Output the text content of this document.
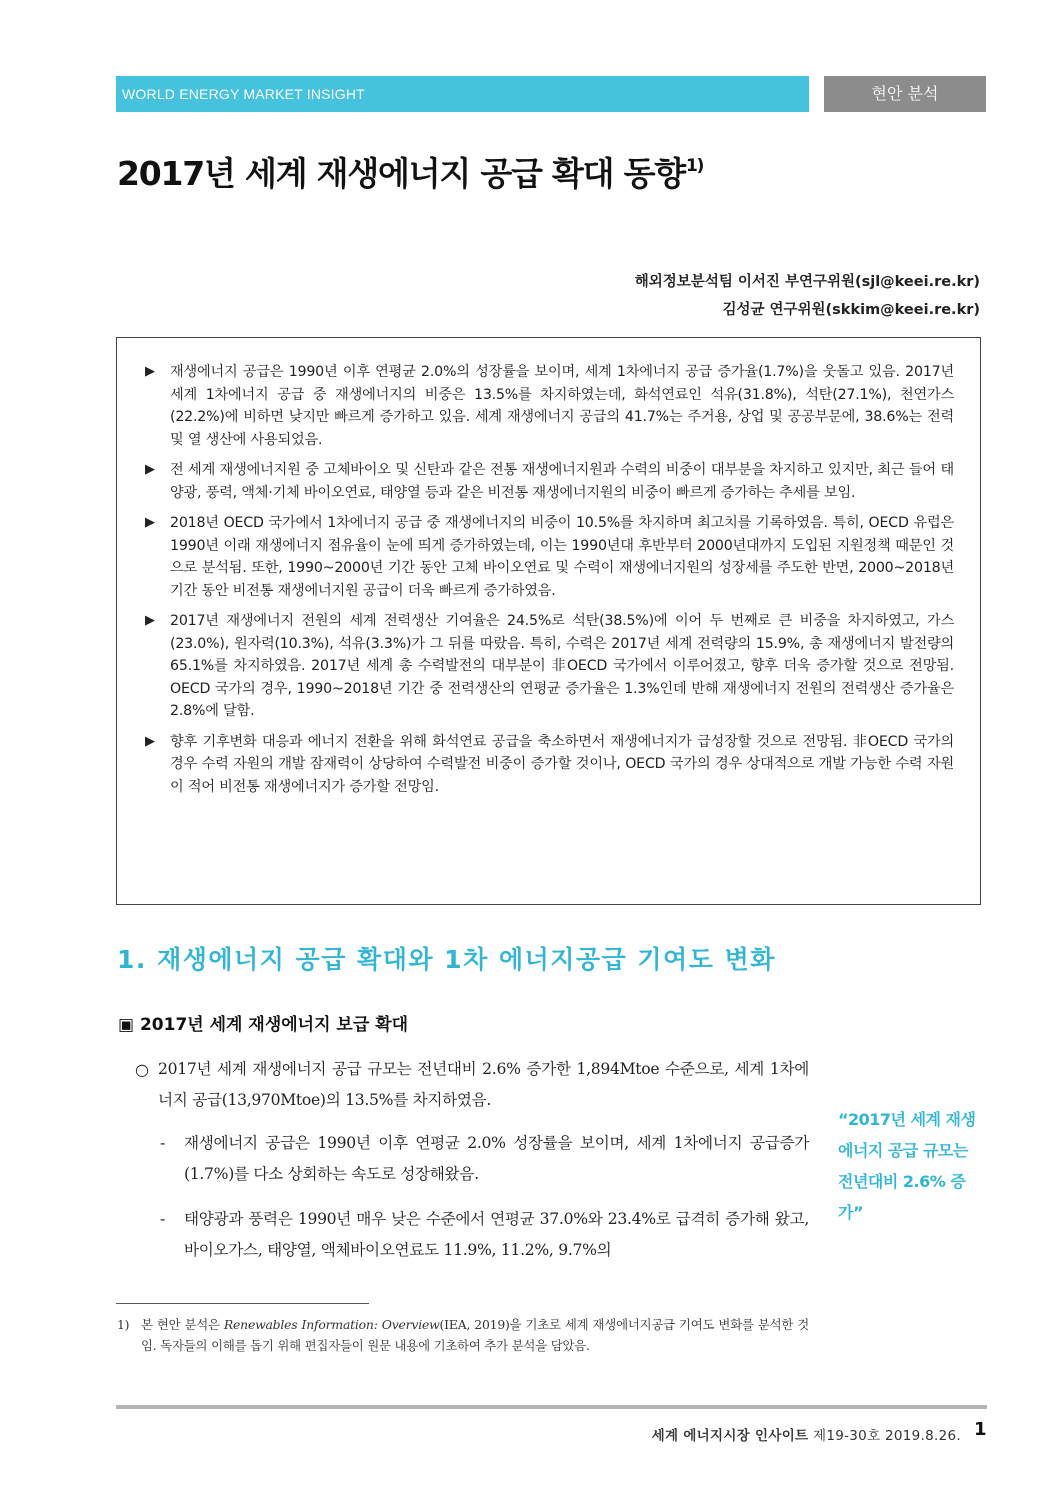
WORLD ENERGY MARKET INSIGHT	현안 분석
2017년 세계 재생에너지 공급 확대 동향$^{1)}$
해외정보분석팀 이서진 부연구위원(sjl@keei.re.kr)
김성균 연구위원(skkim@keei.re.kr)
▶ 재생에너지 공급은 1990년 이후 연평균 2.0%의 성장률을 보이며, 세계 1차에너지 공급 증가율(1.7%)을 웃돌고 있음. 2017년 세계 1차에너지 공급 중 재생에너지의 비중은 13.5%를 차지하였는데, 화석연료인 석유(31.8%), 석탄(27.1%), 천연가스(22.2%)에 비하면 낮지만 빠르게 증가하고 있음. 세계 재생에너지 공급의 41.7%는 주거용, 상업 및 공공부문에, 38.6%는 전력 및 열 생산에 사용되었음.
▶ 전 세계 재생에너지원 중 고체바이오 및 신탄과 같은 전통 재생에너지원과 수력의 비중이 대부분을 차지하고 있지만, 최근 들어 태양광, 풍력, 액체·기체 바이오연료, 태양열 등과 같은 비전통 재생에너지원의 비중이 빠르게 증가하는 추세를 보임.
▶ 2018년 OECD 국가에서 1차에너지 공급 중 재생에너지의 비중이 10.5%를 차지하며 최고치를 기록하였음. 특히, OECD 유럽은 1990년 이래 재생에너지 점유율이 눈에 띄게 증가하였는데, 이는 1990년대 후반부터 2000년대까지 도입된 지원정책 때문인 것으로 분석됨. 또한, 1990~2000년 기간 동안 고체 바이오연료 및 수력이 재생에너지원의 성장세를 주도한 반면, 2000~2018년 기간 동안 비전통 재생에너지원 공급이 더욱 빠르게 증가하였음.
▶ 2017년 재생에너지 전원의 세계 전력생산 기여율은 24.5%로 석탄(38.5%)에 이어 두 번째로 큰 비중을 차지하였고, 가스(23.0%), 원자력(10.3%), 석유(3.3%)가 그 뒤를 따랐음. 특히, 수력은 2017년 세계 전력량의 15.9%, 총 재생에너지 발전량의 65.1%를 차지하였음. 2017년 세계 총 수력발전의 대부분이 非OECD 국가에서 이루어졌고, 향후 더욱 증가할 것으로 전망됨. OECD 국가의 경우, 1990~2018년 기간 중 전력생산의 연평균 증가율은 1.3%인데 반해 재생에너지 전원의 전력생산 증가율은 2.8%에 달함.
▶ 향후 기후변화 대응과 에너지 전환을 위해 화석연료 공급을 축소하면서 재생에너지가 급성장할 것으로 전망됨. 非OECD 국가의 경우 수력 자원의 개발 잠재력이 상당하여 수력발전 비중이 증가할 것이나, OECD 국가의 경우 상대적으로 개발 가능한 수력 자원이 적어 비전통 재생에너지가 증가할 전망임.
1. 재생에너지 공급 확대와 1차 에너지공급 기여도 변화
▣ 2017년 세계 재생에너지 보급 확대
○ 2017년 세계 재생에너지 공급 규모는 전년대비 2.6% 증가한 1,894Mtoe 수준으로, 세계 1차에너지 공급(13,970Mtoe)의 13.5%를 차지하였음.
-	재생에너지 공급은 1990년 이후 연평균 2.0% 성장률을 보이며, 세계 1차에너지 공급증가(1.7%)를 다소 상회하는 속도로 성장해왔음.
-	태양광과 풍력은 1990년 매우 낮은 수준에서 연평균 37.0%와 23.4%로 급격히 증가해 왔고, 바이오가스, 태양열, 액체바이오연료도 11.9%, 11.2%, 9.7%의
“2017년 세계 재생에너지 공급 규모는 전년대비 2.6% 증가”
1) 본 현안 분석은 Renewables Information: Overview(IEA, 2019)을 기초로 세계 재생에너지공급 기여도 변화를 분석한 것임. 독자들의 이해를 돕기 위해 편집자들이 원문 내용에 기초하여 추가 분석을 담았음.
세계 에너지시장 인사이트 제19-30호 2019.8.26. 1
